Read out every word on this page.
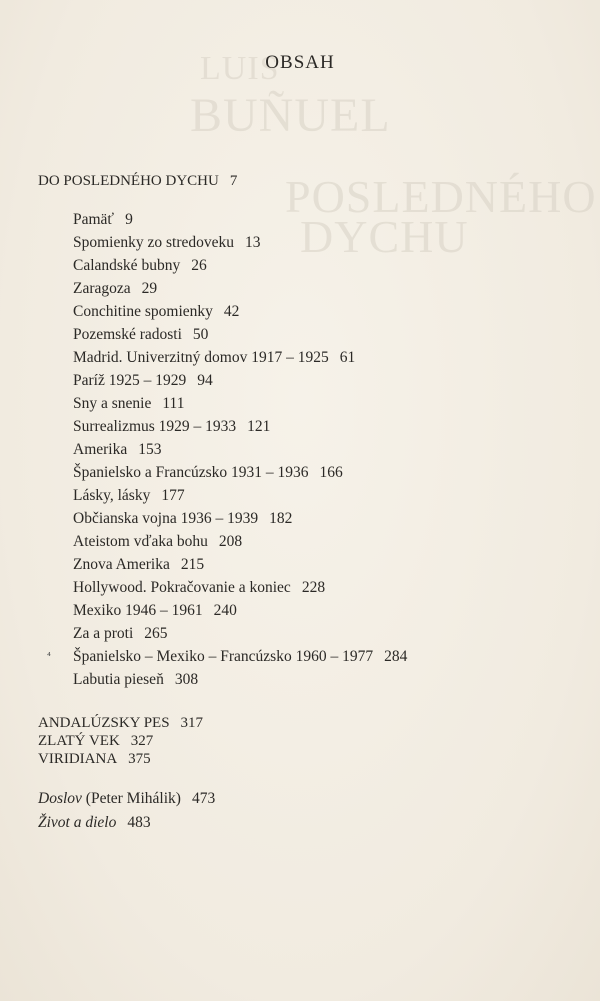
LUIS
BUÑUEL
POSLEDNÉHO
DYCHU
OBSAH
DO POSLEDNÉHO DYCHU 7
Pamäť 9
Spomienky zo stredoveku 13
Calandské bubny 26
Zaragoza 29
Conchitine spomienky 42
Pozemské radosti 50
Madrid. Univerzitný domov 1917 – 1925 61
Paríž 1925 – 1929 94
Sny a snenie 111
Surrealizmus 1929 – 1933 121
Amerika 153
Španielsko a Francúzsko 1931 – 1936 166
Lásky, lásky 177
Občianska vojna 1936 – 1939 182
Ateistom vďaka bohu 208
Znova Amerika 215
Hollywood. Pokračovanie a koniec 228
Mexiko 1946 – 1961 240
Za a proti 265
⁴ Španielsko – Mexiko – Francúzsko 1960 – 1977 284
Labutia pieseň 308
ANDALÚZSKY PES 317
ZLATÝ VEK 327
VIRIDIANA 375
Doslov (Peter Mihálik) 473
Život a dielo 483
